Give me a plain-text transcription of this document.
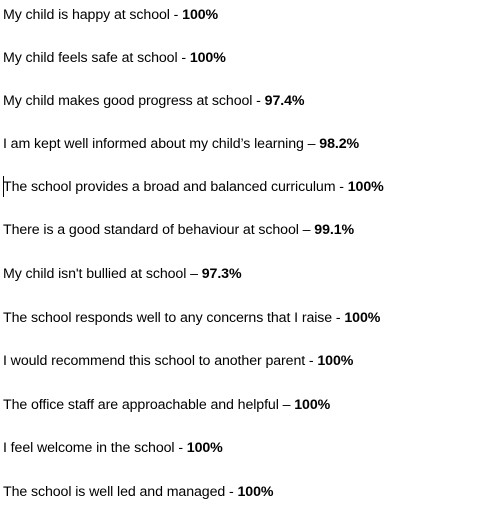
My child is happy at school - 100%
My child feels safe at school - 100%
My child makes good progress at school - 97.4%
I am kept well informed about my child’s learning – 98.2%
The school provides a broad and balanced curriculum - 100%
There is a good standard of behaviour at school – 99.1%
My child isn't bullied at school – 97.3%
The school responds well to any concerns that I raise - 100%
I would recommend this school to another parent - 100%
The office staff are approachable and helpful – 100%
I feel welcome in the school - 100%
The school is well led and managed - 100%
